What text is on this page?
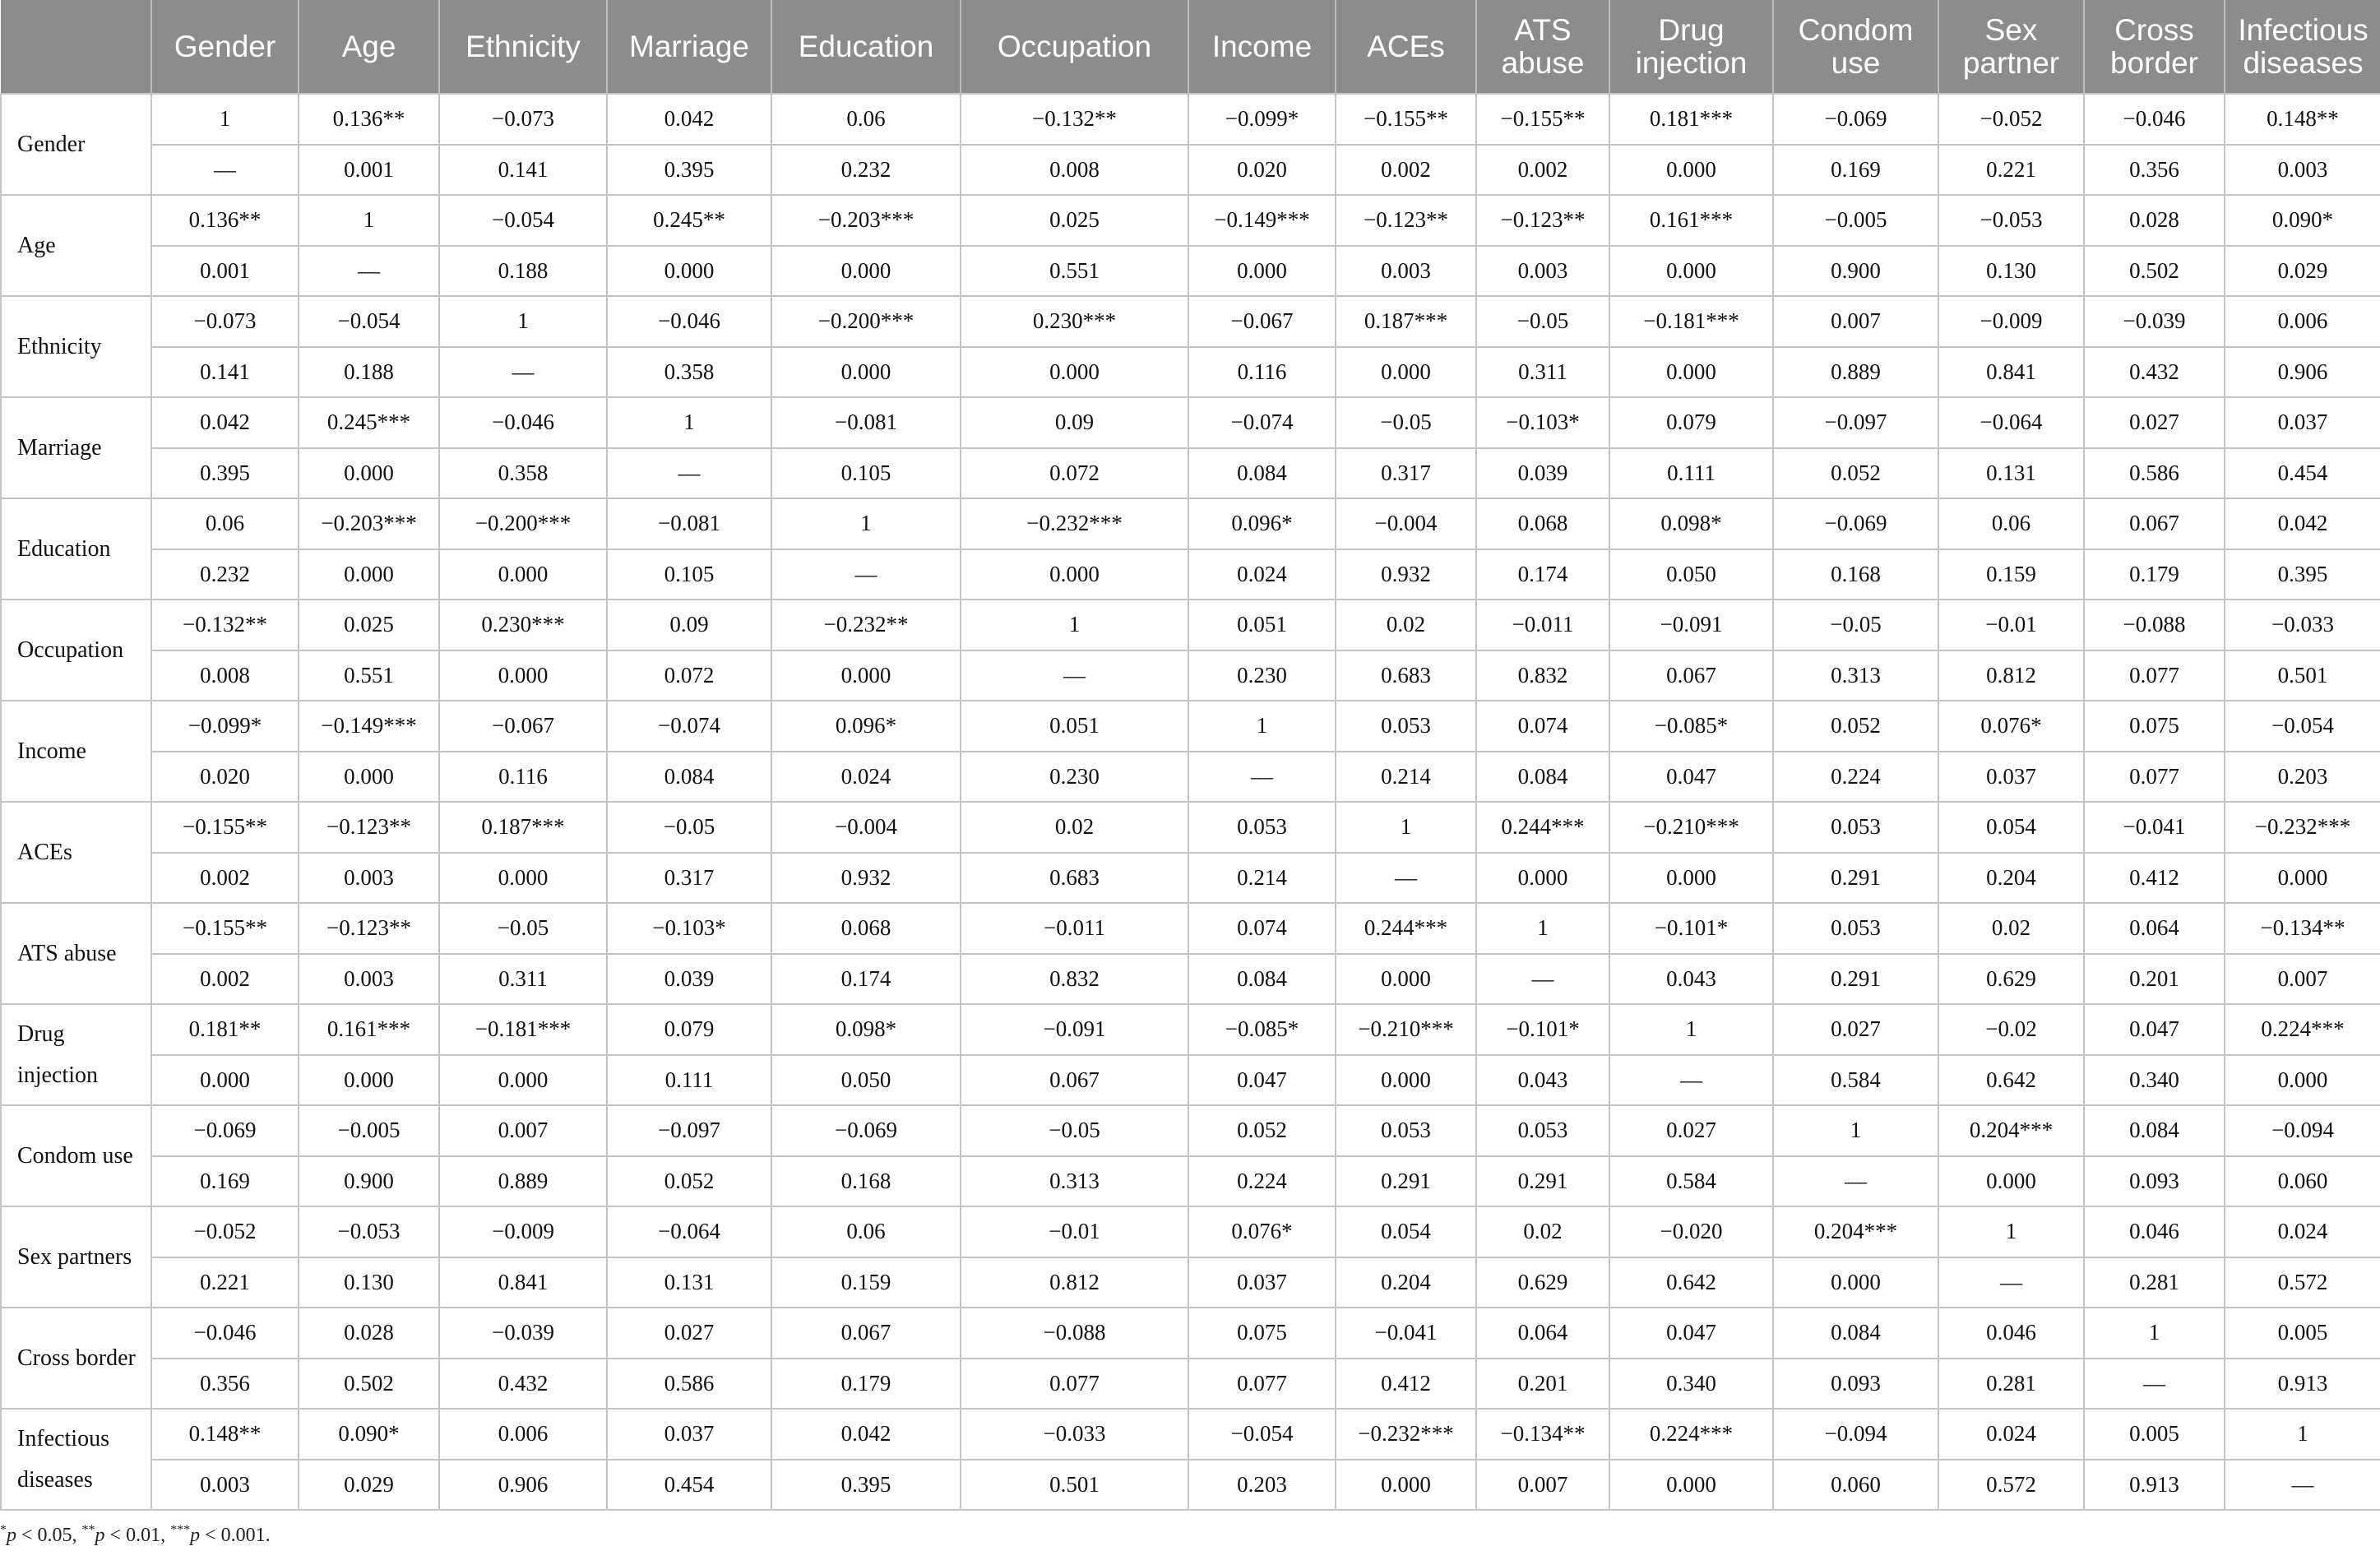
	Gender	Age	Ethnicity	Marriage	Education	Occupation	Income	ACEs	ATS abuse	Drug injection	Condom use	Sex partner	Cross border	Infectious diseases
Gender	1	0.136**	−0.073	0.042	0.06	−0.132**	−0.099*	−0.155**	−0.155**	0.181***	−0.069	−0.052	−0.046	0.148**
	—	0.001	0.141	0.395	0.232	0.008	0.020	0.002	0.002	0.000	0.169	0.221	0.356	0.003
Age	0.136**	1	−0.054	0.245**	−0.203***	0.025	−0.149***	−0.123**	−0.123**	0.161***	−0.005	−0.053	0.028	0.090*
	0.001	—	0.188	0.000	0.000	0.551	0.000	0.003	0.003	0.000	0.900	0.130	0.502	0.029
Ethnicity	−0.073	−0.054	1	−0.046	−0.200***	0.230***	−0.067	0.187***	−0.05	−0.181***	0.007	−0.009	−0.039	0.006
	0.141	0.188	—	0.358	0.000	0.000	0.116	0.000	0.311	0.000	0.889	0.841	0.432	0.906
Marriage	0.042	0.245***	−0.046	1	−0.081	0.09	−0.074	−0.05	−0.103*	0.079	−0.097	−0.064	0.027	0.037
	0.395	0.000	0.358	—	0.105	0.072	0.084	0.317	0.039	0.111	0.052	0.131	0.586	0.454
Education	0.06	−0.203***	−0.200***	−0.081	1	−0.232***	0.096*	−0.004	0.068	0.098*	−0.069	0.06	0.067	0.042
	0.232	0.000	0.000	0.105	—	0.000	0.024	0.932	0.174	0.050	0.168	0.159	0.179	0.395
Occupation	−0.132**	0.025	0.230***	0.09	−0.232**	1	0.051	0.02	−0.011	−0.091	−0.05	−0.01	−0.088	−0.033
	0.008	0.551	0.000	0.072	0.000	—	0.230	0.683	0.832	0.067	0.313	0.812	0.077	0.501
Income	−0.099*	−0.149***	−0.067	−0.074	0.096*	0.051	1	0.053	0.074	−0.085*	0.052	0.076*	0.075	−0.054
	0.020	0.000	0.116	0.084	0.024	0.230	—	0.214	0.084	0.047	0.224	0.037	0.077	0.203
ACEs	−0.155**	−0.123**	0.187***	−0.05	−0.004	0.02	0.053	1	0.244***	−0.210***	0.053	0.054	−0.041	−0.232***
	0.002	0.003	0.000	0.317	0.932	0.683	0.214	—	0.000	0.000	0.291	0.204	0.412	0.000
ATS abuse	−0.155**	−0.123**	−0.05	−0.103*	0.068	−0.011	0.074	0.244***	1	−0.101*	0.053	0.02	0.064	−0.134**
	0.002	0.003	0.311	0.039	0.174	0.832	0.084	0.000	—	0.043	0.291	0.629	0.201	0.007
Drug injection	0.181**	0.161***	−0.181***	0.079	0.098*	−0.091	−0.085*	−0.210***	−0.101*	1	0.027	−0.02	0.047	0.224***
	0.000	0.000	0.000	0.111	0.050	0.067	0.047	0.000	0.043	—	0.584	0.642	0.340	0.000
Condom use	−0.069	−0.005	0.007	−0.097	−0.069	−0.05	0.052	0.053	0.053	0.027	1	0.204***	0.084	−0.094
	0.169	0.900	0.889	0.052	0.168	0.313	0.224	0.291	0.291	0.584	—	0.000	0.093	0.060
Sex partners	−0.052	−0.053	−0.009	−0.064	0.06	−0.01	0.076*	0.054	0.02	−0.020	0.204***	1	0.046	0.024
	0.221	0.130	0.841	0.131	0.159	0.812	0.037	0.204	0.629	0.642	0.000	—	0.281	0.572
Cross border	−0.046	0.028	−0.039	0.027	0.067	−0.088	0.075	−0.041	0.064	0.047	0.084	0.046	1	0.005
	0.356	0.502	0.432	0.586	0.179	0.077	0.077	0.412	0.201	0.340	0.093	0.281	—	0.913
Infectious diseases	0.148**	0.090*	0.006	0.037	0.042	−0.033	−0.054	−0.232***	−0.134**	0.224***	−0.094	0.024	0.005	1
	0.003	0.029	0.906	0.454	0.395	0.501	0.203	0.000	0.007	0.000	0.060	0.572	0.913	—
*p < 0.05, **p < 0.01, ***p < 0.001.
